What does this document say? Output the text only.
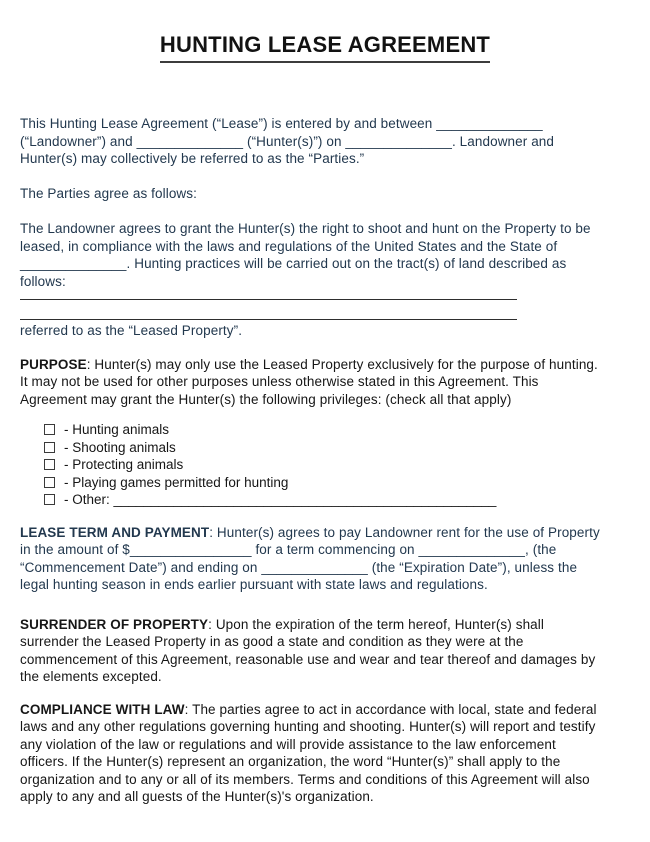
HUNTING LEASE AGREEMENT

This Hunting Lease Agreement (“Lease”) is entered by and between ______________ (“Landowner”) and ______________ (“Hunter(s)”) on ______________. Landowner and Hunter(s) may collectively be referred to as the “Parties.”

The Parties agree as follows:

The Landowner agrees to grant the Hunter(s) the right to shoot and hunt on the Property to be leased, in compliance with the laws and regulations of the United States and the State of ______________. Hunting practices will be carried out on the tract(s) of land described as follows:

referred to as the “Leased Property”.

PURPOSE: Hunter(s) may only use the Leased Property exclusively for the purpose of hunting. It may not be used for other purposes unless otherwise stated in this Agreement. This Agreement may grant the Hunter(s) the following privileges: (check all that apply)

- Hunting animals
- Shooting animals
- Protecting animals
- Playing games permitted for hunting
- Other: ___________________________________________________

LEASE TERM AND PAYMENT: Hunter(s) agrees to pay Landowner rent for the use of Property in the amount of $________________ for a term commencing on ______________, (the “Commencement Date”) and ending on ______________ (the “Expiration Date”), unless the legal hunting season in ends earlier pursuant with state laws and regulations.

SURRENDER OF PROPERTY: Upon the expiration of the term hereof, Hunter(s) shall surrender the Leased Property in as good a state and condition as they were at the commencement of this Agreement, reasonable use and wear and tear thereof and damages by the elements excepted.

COMPLIANCE WITH LAW: The parties agree to act in accordance with local, state and federal laws and any other regulations governing hunting and shooting. Hunter(s) will report and testify any violation of the law or regulations and will provide assistance to the law enforcement officers. If the Hunter(s) represent an organization, the word “Hunter(s)” shall apply to the organization and to any or all of its members. Terms and conditions of this Agreement will also apply to any and all guests of the Hunter(s)'s organization.
